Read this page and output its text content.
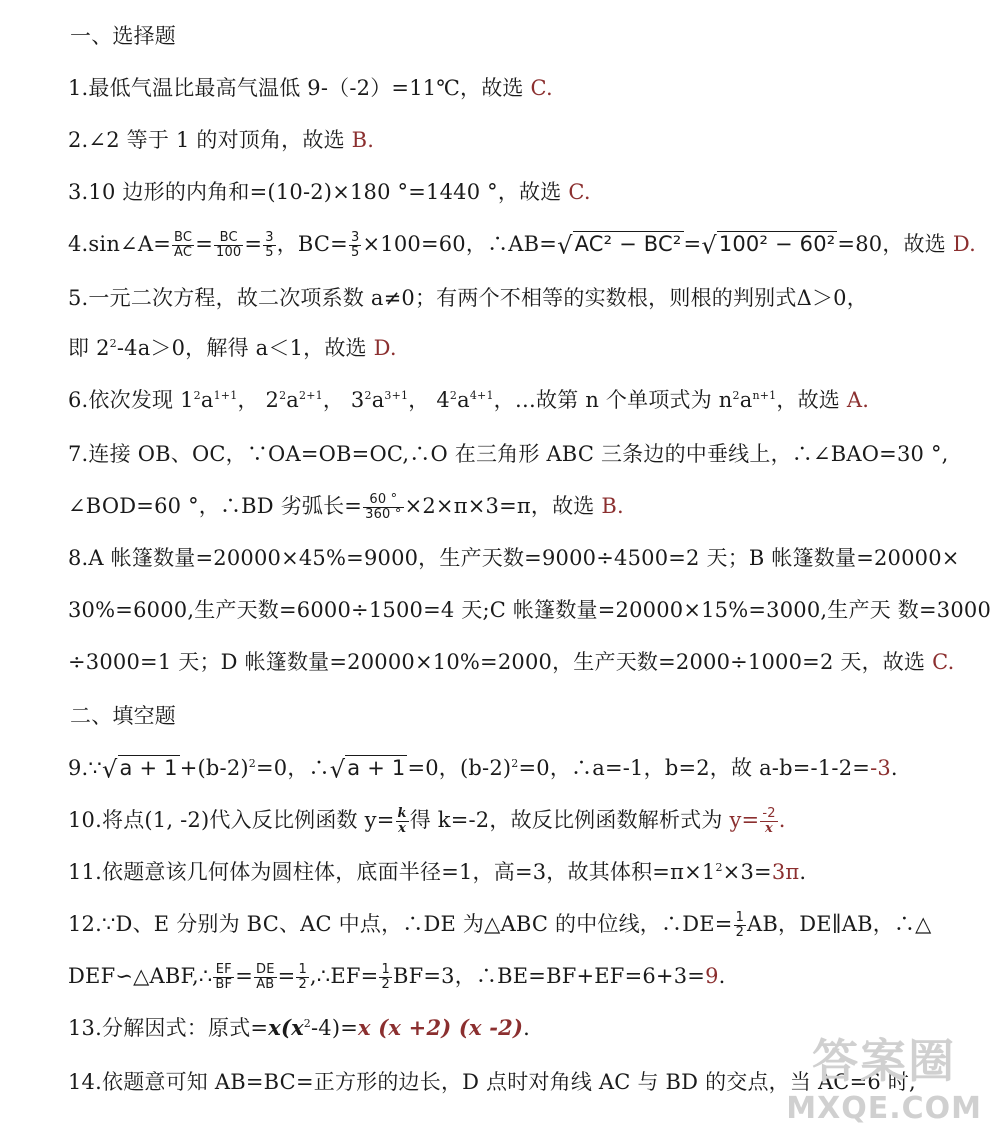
一、选择题
1.最低气温比最高气温低 9-（-2）=11℃，故选 C.
2.∠2 等于 1 的对顶角，故选 B.
3.10 边形的内角和=(10-2)×180 °=1440 °，故选 C.
4.sin∠A= $\frac{BC}{AC} = \frac{BC}{100} = \frac{3}{5}$ ，$BC= \frac{3}{5} \times 100=60$，∴AB=√AC² − BC²=√100² − 60²=80，故选 D.
5.一元二次方程，故二次项系数 a≠0；有两个不相等的实数根，则根的判别式Δ＞0，
即 $2^2-4a>0$，解得 a＜1，故选 D.
6.依次发现 $1^2a^{1+1}$， $2^2a^{2+1}$， $3^2a^{3+1}$， $4^2a^{4+1}$，…故第 n 个单项式为 $n^2a^{n+1}$，故选 A.
7.连接 OB、OC，∵OA=OB=OC,∴O 在三角形 ABC 三条边的中垂线上，∴∠BAO=30 °,
∠BOD=60 °，∴BD 劣弧长= $\frac{60 ^\circ}{360 ^\circ} \times 2\times\pi\times 3=\pi$，故选 B.
8.A 帐篷数量=20000×45%=9000，生产天数=9000÷4500=2 天；B 帐篷数量=20000×
30%=6000,生产天数=6000÷1500=4 天;C 帐篷数量=20000×15%=3000,生产天 数=3000
÷3000=1 天；D 帐篷数量=20000×10%=2000，生产天数=2000÷1000=2 天，故选 C.
二、填空题
9.∵√a + $1+(b-2)^2=0$，∴√a + 1=0，$(b-2)^2=0$，∴a=-1，b=2，故 a-b=-1-2=-3.
10.将点(1, -2)代入反比例函数 $y= \frac{k}{x}$ 得 k=-2，故反比例函数解析式为 $y= \frac{-2}{x}$ .
11.依题意该几何体为圆柱体，底面半径=1，高=3，故其体积$=\pi\times 1^2\times 3=3\pi$.
12.∵D、E 分别为 BC、AC 中点，∴DE 为△ABC 的中位线，∴DE= $\frac{1}{2}$ AB，DE∥AB，∴△
DEF∽△ABF,∴ $\frac{EF}{BF} = \frac{DE}{AB} = \frac{1}{2}$ ,∴EF= $\frac{1}{2} BF=3$，∴BE=BF+EF=6+3=9.
13.分解因式：原式$=x(x^2-4)=x$ (x +2) (x -2).
14.依题意可知 AB=BC=正方形的边长，D 点时对角线 AC 与 BD 的交点，当 AC=6 时,
答案圈
MXQE.COM
